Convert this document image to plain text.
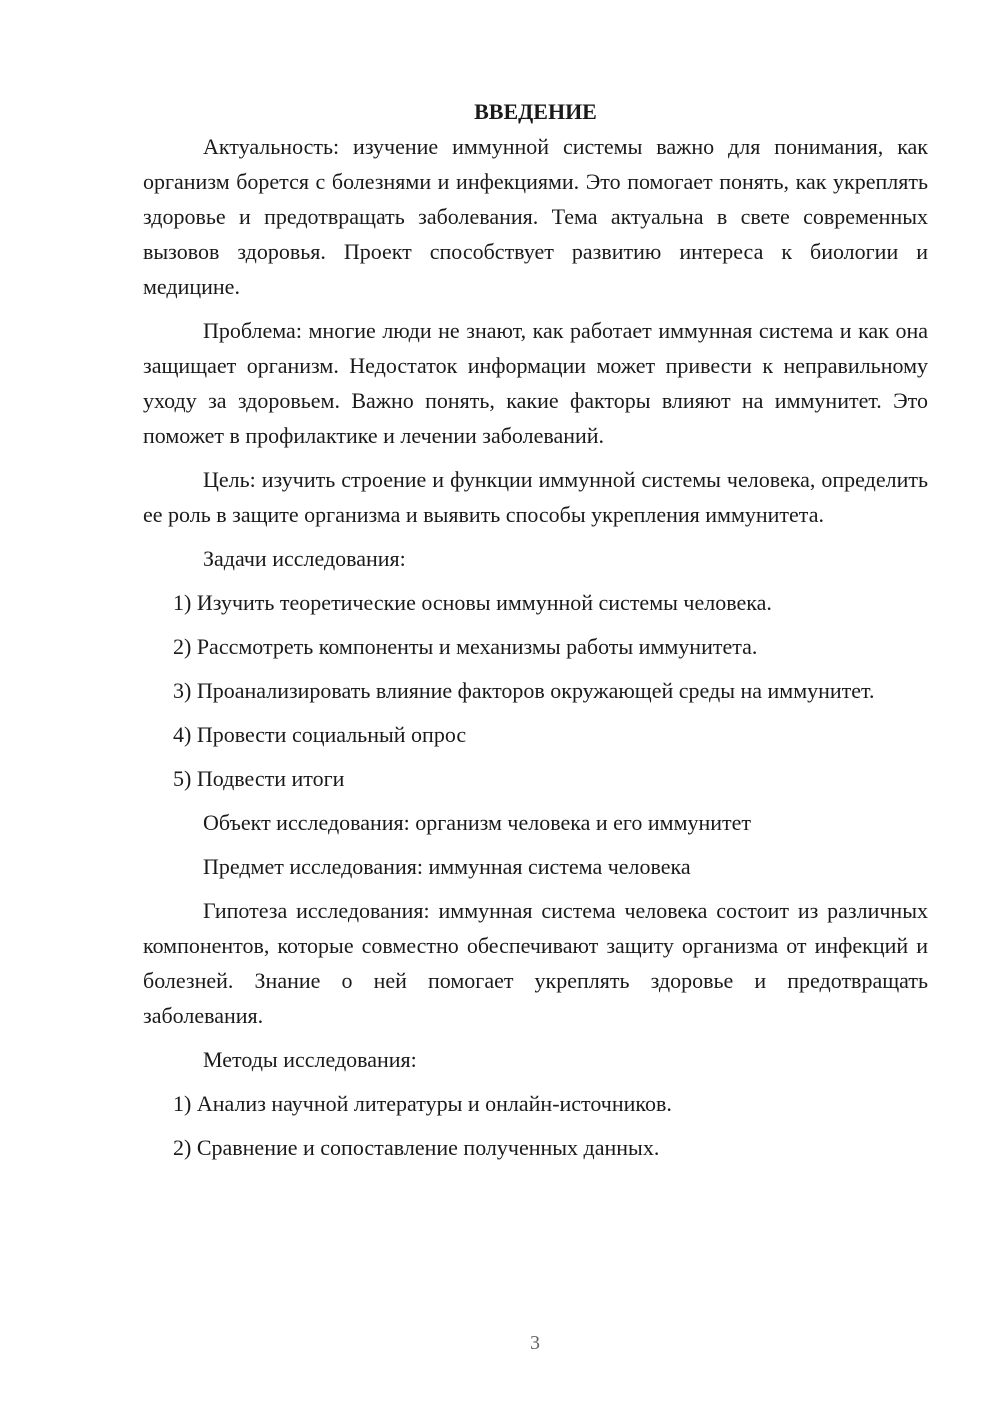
ВВЕДЕНИЕ

Актуальность: изучение иммунной системы важно для понимания, как организм борется с болезнями и инфекциями. Это помогает понять, как укреплять здоровье и предотвращать заболевания. Тема актуальна в свете современных вызовов здоровья. Проект способствует развитию интереса к биологии и медицине.

Проблема: многие люди не знают, как работает иммунная система и как она защищает организм. Недостаток информации может привести к неправильному уходу за здоровьем. Важно понять, какие факторы влияют на иммунитет. Это поможет в профилактике и лечении заболеваний.

Цель: изучить строение и функции иммунной системы человека, определить ее роль в защите организма и выявить способы укрепления иммунитета.

Задачи исследования:

1) Изучить теоретические основы иммунной системы человека.

2) Рассмотреть компоненты и механизмы работы иммунитета.

3) Проанализировать влияние факторов окружающей среды на иммунитет.

4) Провести социальный опрос

5) Подвести итоги

Объект исследования: организм человека и его иммунитет

Предмет исследования: иммунная система человека

Гипотеза исследования: иммунная система человека состоит из различных компонентов, которые совместно обеспечивают защиту организма от инфекций и болезней. Знание о ней помогает укреплять здоровье и предотвращать заболевания.

Методы исследования:

1) Анализ научной литературы и онлайн-источников.

2) Сравнение и сопоставление полученных данных.

3
